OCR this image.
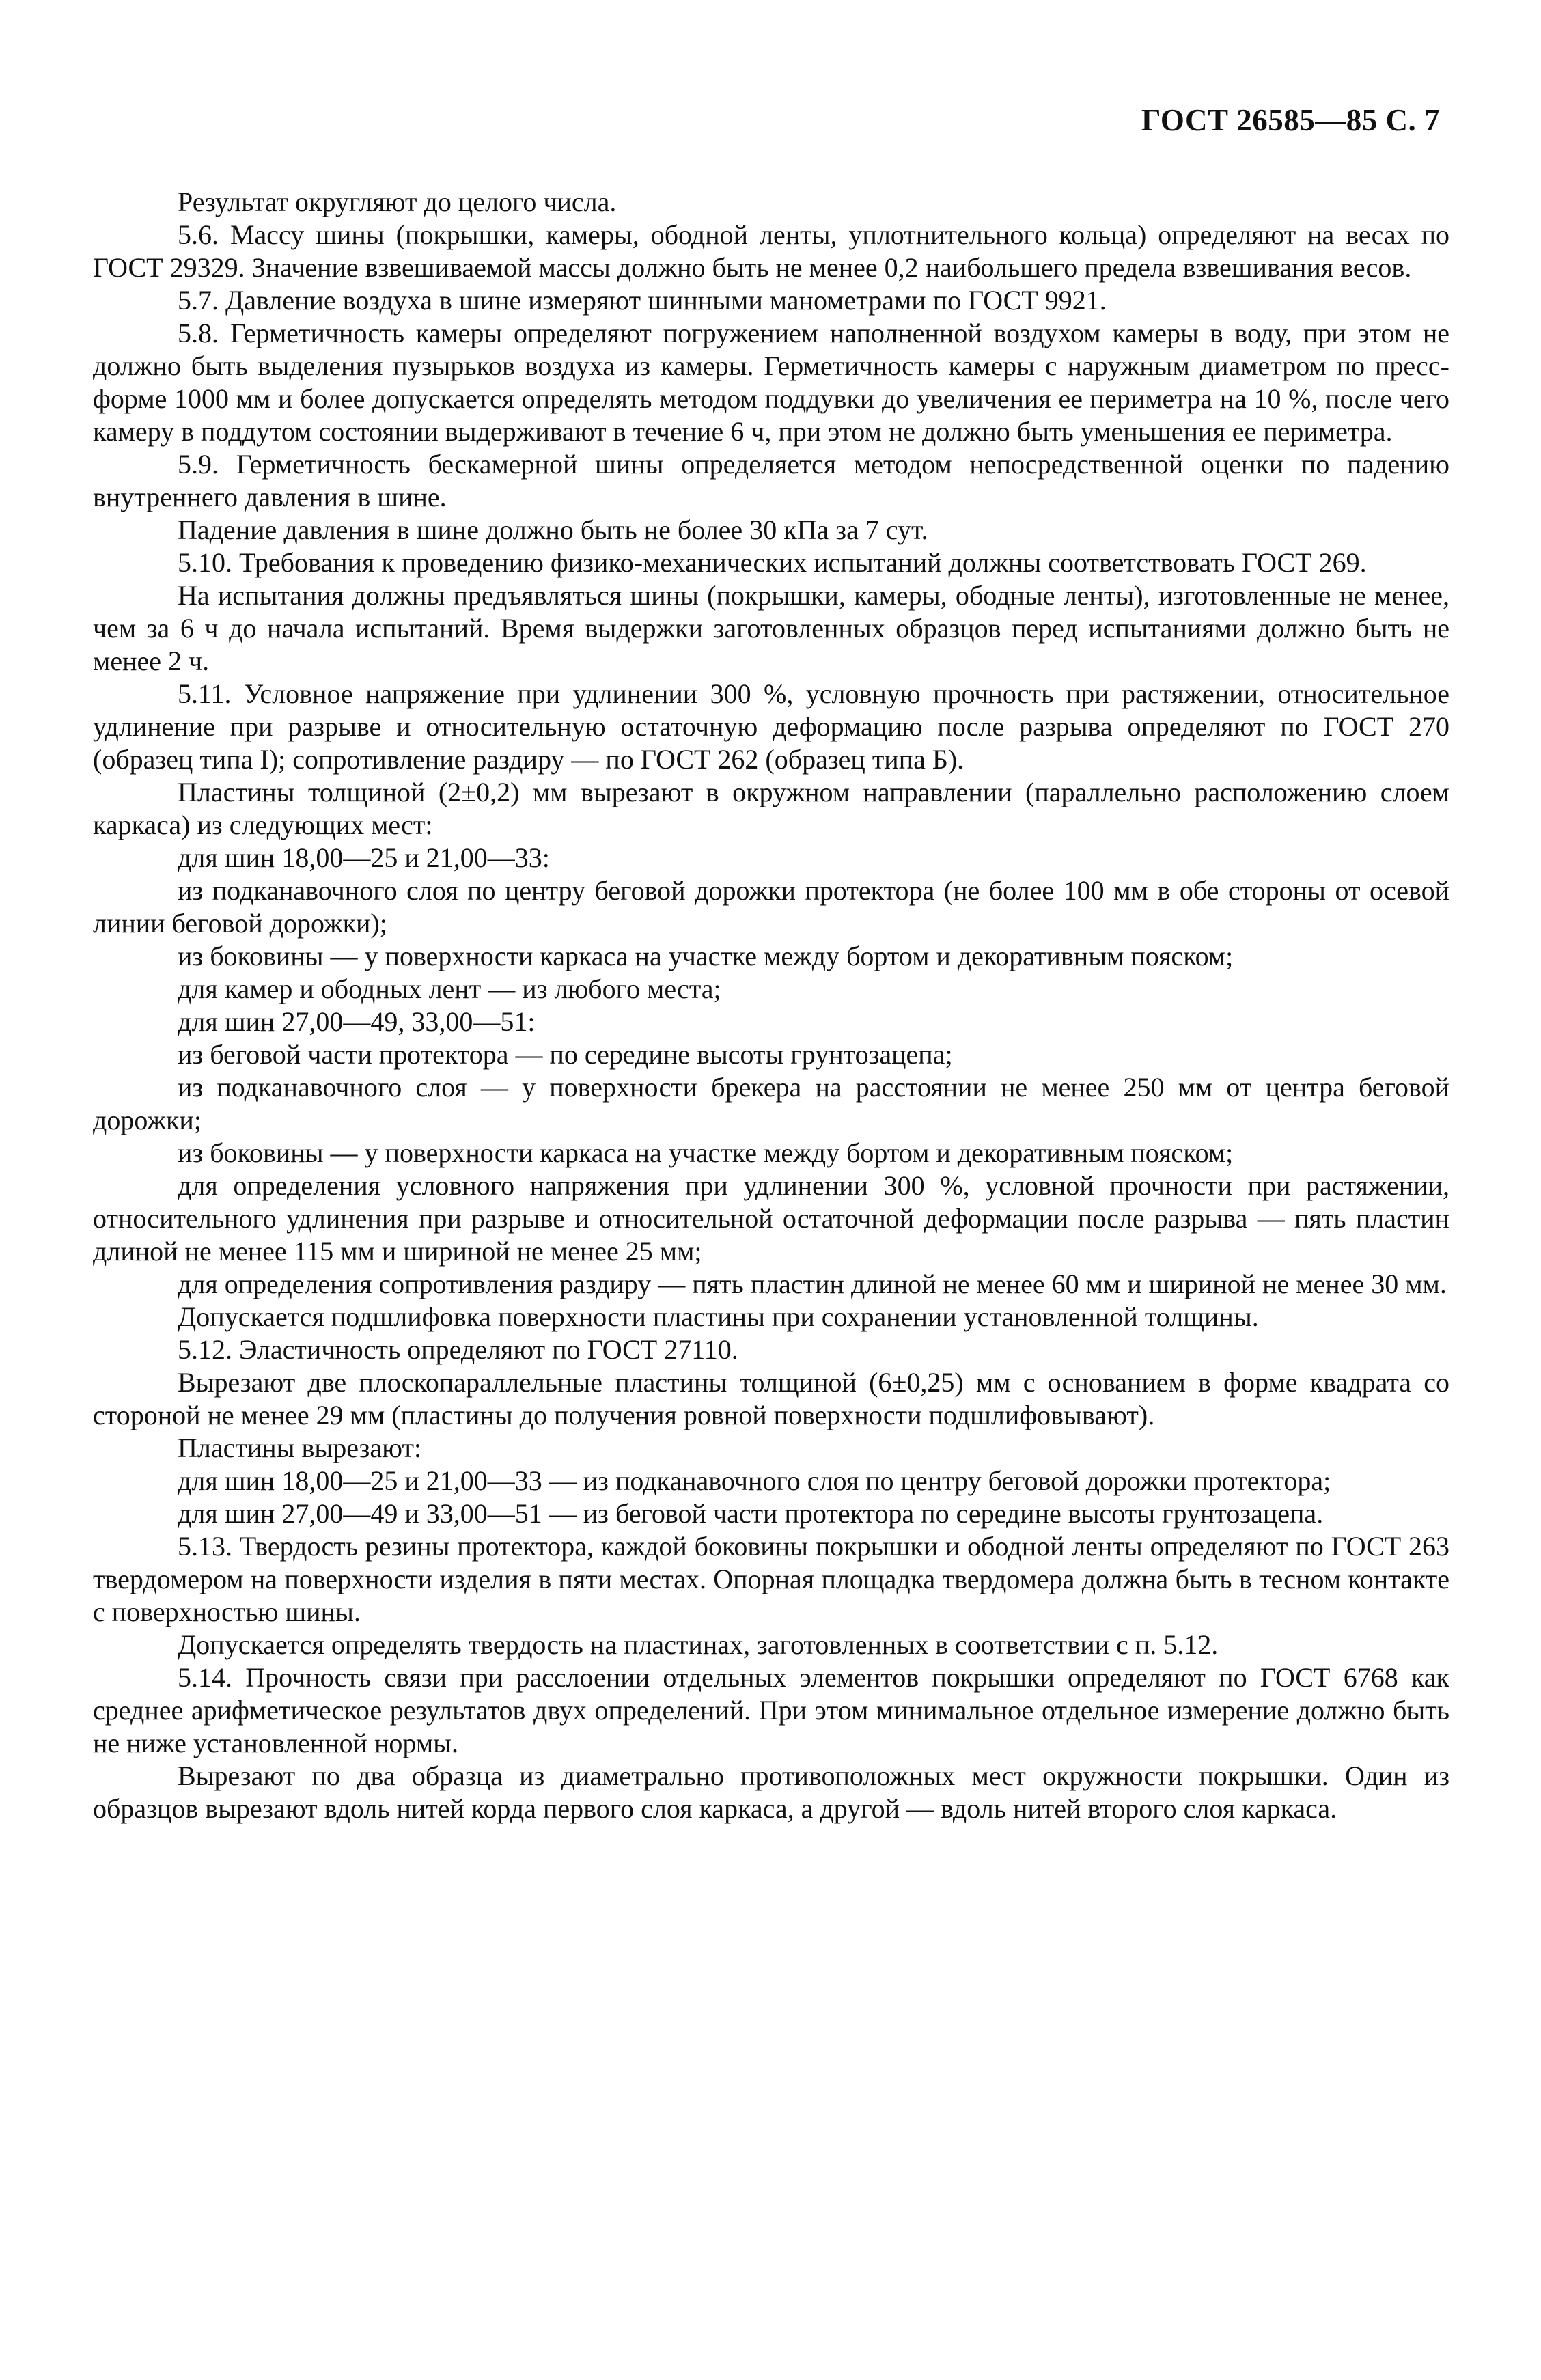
ГОСТ 26585—85 С. 7

Результат округляют до целого числа.

5.6. Массу шины (покрышки, камеры, ободной ленты, уплотнительного кольца) определяют на весах по ГОСТ 29329. Значение взвешиваемой массы должно быть не менее 0,2 наибольшего предела взвешивания весов.

5.7. Давление воздуха в шине измеряют шинными манометрами по ГОСТ 9921.

5.8. Герметичность камеры определяют погружением наполненной воздухом камеры в воду, при этом не должно быть выделения пузырьков воздуха из камеры. Герметичность камеры с наружным диаметром по пресс-форме 1000 мм и более допускается определять методом поддувки до увеличения ее периметра на 10 %, после чего камеру в поддутом состоянии выдерживают в течение 6 ч, при этом не должно быть уменьшения ее периметра.

5.9. Герметичность бескамерной шины определяется методом непосредственной оценки по падению внутреннего давления в шине.

Падение давления в шине должно быть не более 30 кПа за 7 сут.

5.10. Требования к проведению физико-механических испытаний должны соответствовать ГОСТ 269.

На испытания должны предъявляться шины (покрышки, камеры, ободные ленты), изготовленные не менее, чем за 6 ч до начала испытаний. Время выдержки заготовленных образцов перед испытаниями должно быть не менее 2 ч.

5.11. Условное напряжение при удлинении 300 %, условную прочность при растяжении, относительное удлинение при разрыве и относительную остаточную деформацию после разрыва определяют по ГОСТ 270 (образец типа I); сопротивление раздиру — по ГОСТ 262 (образец типа Б).

Пластины толщиной (2±0,2) мм вырезают в окружном направлении (параллельно расположению слоем каркаса) из следующих мест:

для шин 18,00—25 и 21,00—33:

из подканавочного слоя по центру беговой дорожки протектора (не более 100 мм в обе стороны от осевой линии беговой дорожки);

из боковины — у поверхности каркаса на участке между бортом и декоративным пояском;

для камер и ободных лент — из любого места;

для шин 27,00—49, 33,00—51:

из беговой части протектора — по середине высоты грунтозацепа;

из подканавочного слоя — у поверхности брекера на расстоянии не менее 250 мм от центра беговой дорожки;

из боковины — у поверхности каркаса на участке между бортом и декоративным пояском;

для определения условного напряжения при удлинении 300 %, условной прочности при растяжении, относительного удлинения при разрыве и относительной остаточной деформации после разрыва — пять пластин длиной не менее 115 мм и шириной не менее 25 мм;

для определения сопротивления раздиру — пять пластин длиной не менее 60 мм и шириной не менее 30 мм.

Допускается подшлифовка поверхности пластины при сохранении установленной толщины.

5.12. Эластичность определяют по ГОСТ 27110.

Вырезают две плоскопараллельные пластины толщиной (6±0,25) мм с основанием в форме квадрата со стороной не менее 29 мм (пластины до получения ровной поверхности подшлифовывают).

Пластины вырезают:

для шин 18,00—25 и 21,00—33 — из подканавочного слоя по центру беговой дорожки протектора;

для шин 27,00—49 и 33,00—51 — из беговой части протектора по середине высоты грунтозацепа.

5.13. Твердость резины протектора, каждой боковины покрышки и ободной ленты определяют по ГОСТ 263 твердомером на поверхности изделия в пяти местах. Опорная площадка твердомера должна быть в тесном контакте с поверхностью шины.

Допускается определять твердость на пластинах, заготовленных в соответствии с п. 5.12.

5.14. Прочность связи при расслоении отдельных элементов покрышки определяют по ГОСТ 6768 как среднее арифметическое результатов двух определений. При этом минимальное отдельное измерение должно быть не ниже установленной нормы.

Вырезают по два образца из диаметрально противоположных мест окружности покрышки. Один из образцов вырезают вдоль нитей корда первого слоя каркаса, а другой — вдоль нитей второго слоя каркаса.
